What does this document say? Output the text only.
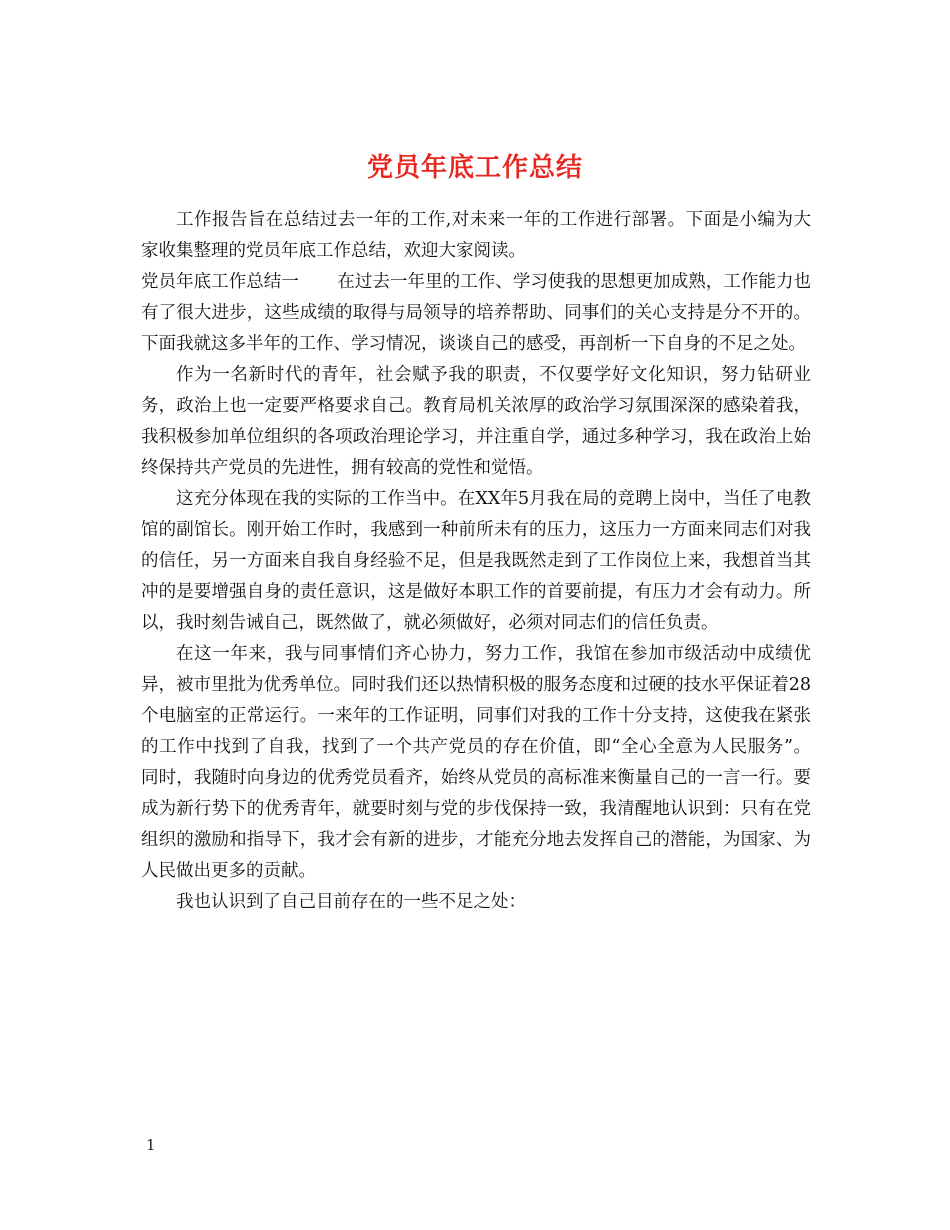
党员年底工作总结

工作报告旨在总结过去一年的工作,对未来一年的工作进行部署。下面是小编为大家收集整理的党员年底工作总结，欢迎大家阅读。

党员年底工作总结一 在过去一年里的工作、学习使我的思想更加成熟，工作能力也有了很大进步，这些成绩的取得与局领导的培养帮助、同事们的关心支持是分不开的。下面我就这多半年的工作、学习情况，谈谈自己的感受，再剖析一下自身的不足之处。

作为一名新时代的青年，社会赋予我的职责，不仅要学好文化知识，努力钻研业务，政治上也一定要严格要求自己。教育局机关浓厚的政治学习氛围深深的感染着我，我积极参加单位组织的各项政治理论学习，并注重自学，通过多种学习，我在政治上始终保持共产党员的先进性，拥有较高的党性和觉悟。

这充分体现在我的实际的工作当中。在XX年5月我在局的竞聘上岗中，当任了电教馆的副馆长。刚开始工作时，我感到一种前所未有的压力，这压力一方面来同志们对我的信任，另一方面来自我自身经验不足，但是我既然走到了工作岗位上来，我想首当其冲的是要增强自身的责任意识，这是做好本职工作的首要前提，有压力才会有动力。所以，我时刻告诫自己，既然做了，就必须做好，必须对同志们的信任负责。

在这一年来，我与同事情们齐心协力，努力工作，我馆在参加市级活动中成绩优异，被市里批为优秀单位。同时我们还以热情积极的服务态度和过硬的技水平保证着28个电脑室的正常运行。一来年的工作证明，同事们对我的工作十分支持，这使我在紧张的工作中找到了自我，找到了一个共产党员的存在价值，即“全心全意为人民服务”。 同时，我随时向身边的优秀党员看齐，始终从党员的高标准来衡量自己的一言一行。要成为新行势下的优秀青年，就要时刻与党的步伐保持一致，我清醒地认识到：只有在党组织的激励和指导下，我才会有新的进步，才能充分地去发挥自己的潜能，为国家、为人民做出更多的贡献。

我也认识到了自己目前存在的一些不足之处：

1
